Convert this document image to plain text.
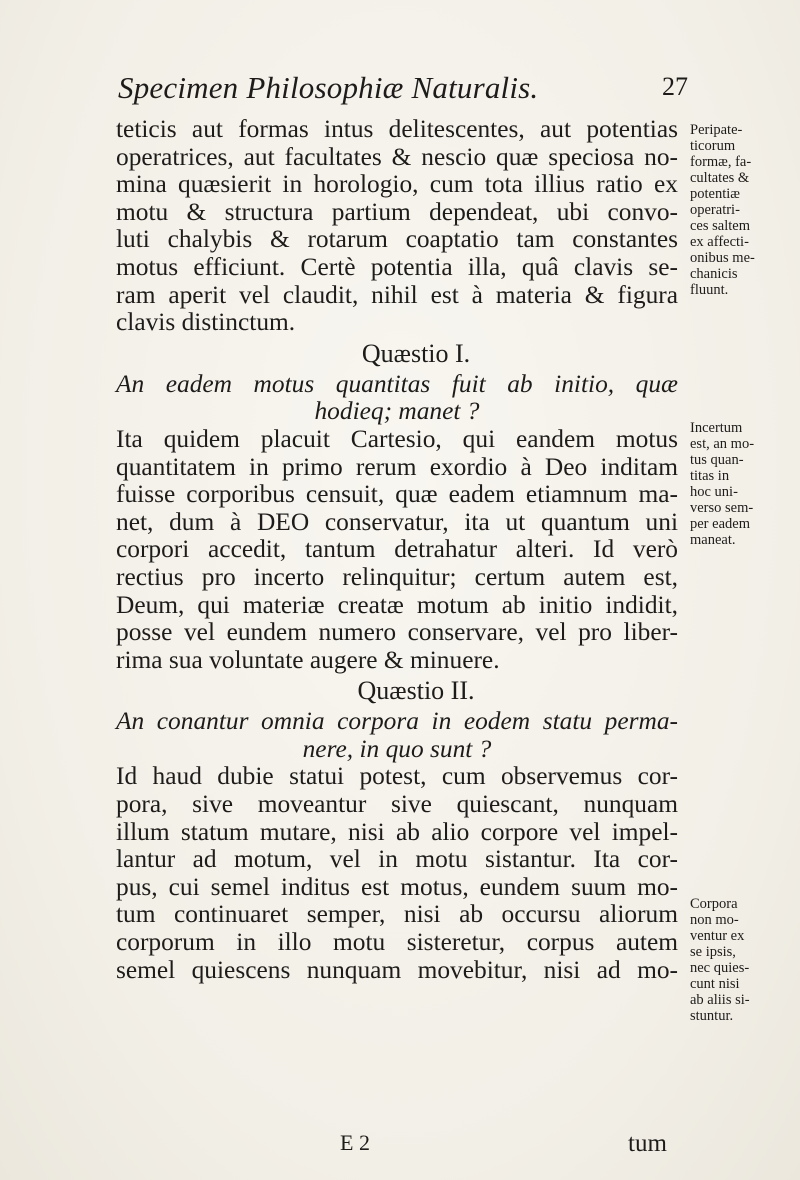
Specimen Philosophiæ Naturalis.	27
teticis aut formas intus delitescentes, aut potentias
operatrices, aut facultates & nescio quæ speciosa no-
mina quæsierit in horologio, cum tota illius ratio ex
motu & structura partium dependeat, ubi convo-
luti chalybis & rotarum coaptatio tam constantes
motus efficiunt. Certè potentia illa, quâ clavis se-
ram aperit vel claudit, nihil est à materia & figura
clavis distinctum.
Quæstio I.
An eadem motus quantitas fuit ab initio, quæ
hodieq; manet ?
Ita quidem placuit Cartesio, qui eandem motus
quantitatem in primo rerum exordio à Deo inditam
fuisse corporibus censuit, quæ eadem etiamnum ma-
net, dum à DEO conservatur, ita ut quantum uni
corpori accedit, tantum detrahatur alteri. Id verò
rectius pro incerto relinquitur; certum autem est,
Deum, qui materiæ creatæ motum ab initio indidit,
posse vel eundem numero conservare, vel pro liber-
rima sua voluntate augere & minuere.
Quæstio II.
An conantur omnia corpora in eodem statu perma-
nere, in quo sunt ?
Id haud dubie statui potest, cum observemus cor-
pora, sive moveantur sive quiescant, nunquam
illum statum mutare, nisi ab alio corpore vel impel-
lantur ad motum, vel in motu sistantur. Ita cor-
pus, cui semel inditus est motus, eundem suum mo-
tum continuaret semper, nisi ab occursu aliorum
corporum in illo motu sisteretur, corpus autem
semel quiescens nunquam movebitur, nisi ad mo-
Peripate-
ticorum
formæ, fa-
cultates &
potentiæ
operatri-
ces saltem
ex affecti-
onibus me-
chanicis
fluunt.
Incertum
est, an mo-
tus quan-
titas in
hoc uni-
verso sem-
per eadem
maneat.
Corpora
non mo-
ventur ex
se ipsis,
nec quies-
cunt nisi
ab aliis si-
stuntur.
E 2	tum
